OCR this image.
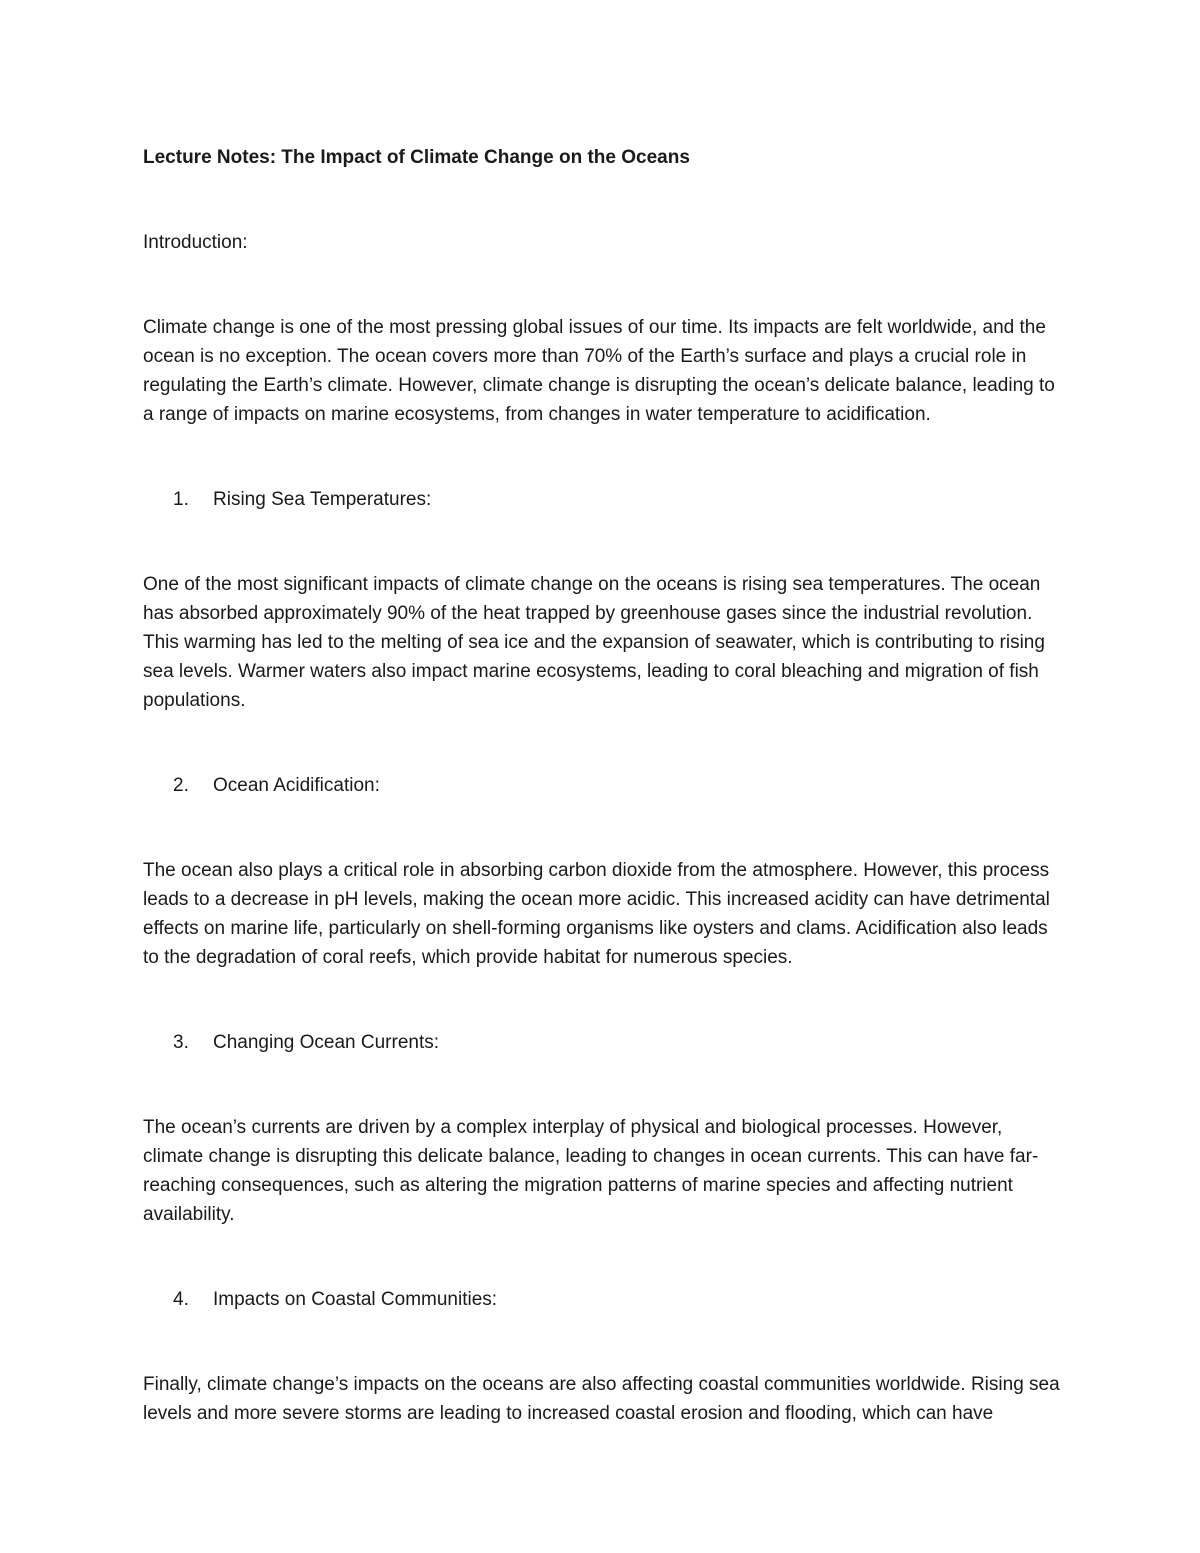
Lecture Notes: The Impact of Climate Change on the Oceans

Introduction:

Climate change is one of the most pressing global issues of our time. Its impacts are felt worldwide, and the ocean is no exception. The ocean covers more than 70% of the Earth’s surface and plays a crucial role in regulating the Earth’s climate. However, climate change is disrupting the ocean’s delicate balance, leading to a range of impacts on marine ecosystems, from changes in water temperature to acidification.

1.	Rising Sea Temperatures:

One of the most significant impacts of climate change on the oceans is rising sea temperatures. The ocean has absorbed approximately 90% of the heat trapped by greenhouse gases since the industrial revolution. This warming has led to the melting of sea ice and the expansion of seawater, which is contributing to rising sea levels. Warmer waters also impact marine ecosystems, leading to coral bleaching and migration of fish populations.

2.	Ocean Acidification:

The ocean also plays a critical role in absorbing carbon dioxide from the atmosphere. However, this process leads to a decrease in pH levels, making the ocean more acidic. This increased acidity can have detrimental effects on marine life, particularly on shell-forming organisms like oysters and clams. Acidification also leads to the degradation of coral reefs, which provide habitat for numerous species.

3.	Changing Ocean Currents:

The ocean’s currents are driven by a complex interplay of physical and biological processes. However, climate change is disrupting this delicate balance, leading to changes in ocean currents. This can have far-reaching consequences, such as altering the migration patterns of marine species and affecting nutrient availability.

4.	Impacts on Coastal Communities:

Finally, climate change’s impacts on the oceans are also affecting coastal communities worldwide. Rising sea levels and more severe storms are leading to increased coastal erosion and flooding, which can have
